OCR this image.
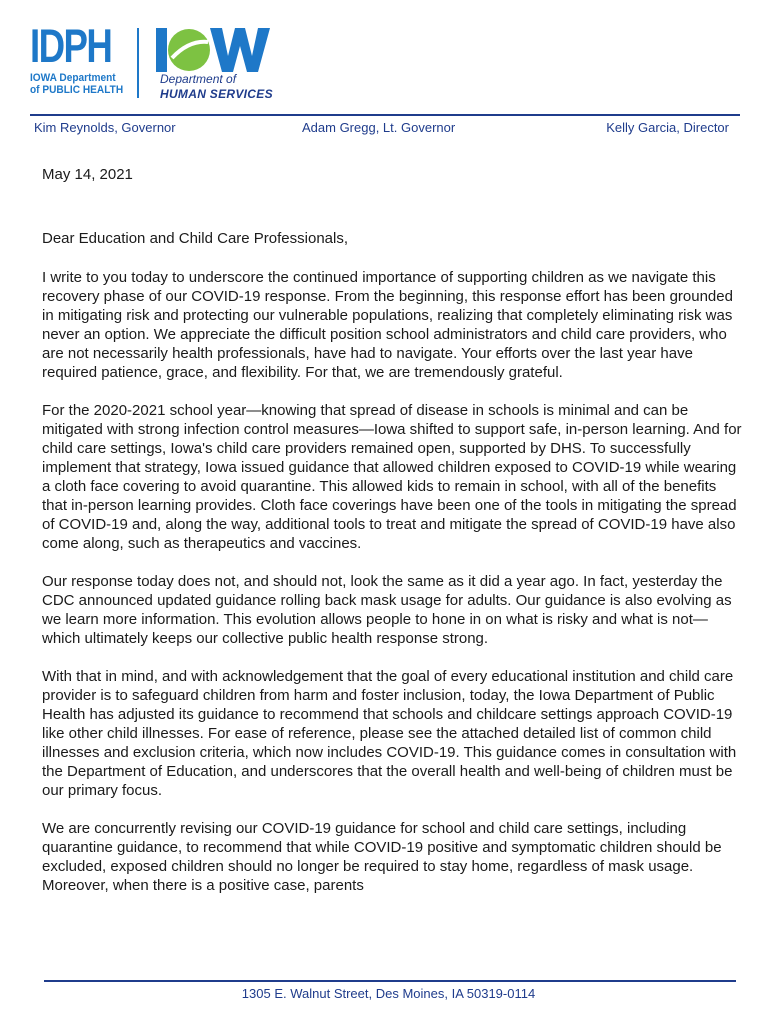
IDPH
IOWA Department
of PUBLIC HEALTH
Department of
HUMAN SERVICES
Kim Reynolds, Governor	Adam Gregg, Lt. Governor	Kelly Garcia, Director

May 14, 2021

Dear Education and Child Care Professionals,

I write to you today to underscore the continued importance of supporting children as we navigate this recovery phase of our COVID-19 response. From the beginning, this response effort has been grounded in mitigating risk and protecting our vulnerable populations, realizing that completely eliminating risk was never an option. We appreciate the difficult position school administrators and child care providers, who are not necessarily health professionals, have had to navigate. Your efforts over the last year have required patience, grace, and flexibility. For that, we are tremendously grateful.

For the 2020-2021 school year—knowing that spread of disease in schools is minimal and can be mitigated with strong infection control measures—Iowa shifted to support safe, in-person learning. And for child care settings, Iowa's child care providers remained open, supported by DHS. To successfully implement that strategy, Iowa issued guidance that allowed children exposed to COVID-19 while wearing a cloth face covering to avoid quarantine. This allowed kids to remain in school, with all of the benefits that in-person learning provides. Cloth face coverings have been one of the tools in mitigating the spread of COVID-19 and, along the way, additional tools to treat and mitigate the spread of COVID-19 have also come along, such as therapeutics and vaccines.

Our response today does not, and should not, look the same as it did a year ago. In fact, yesterday the CDC announced updated guidance rolling back mask usage for adults. Our guidance is also evolving as we learn more information. This evolution allows people to hone in on what is risky and what is not—which ultimately keeps our collective public health response strong.

With that in mind, and with acknowledgement that the goal of every educational institution and child care provider is to safeguard children from harm and foster inclusion, today, the Iowa Department of Public Health has adjusted its guidance to recommend that schools and childcare settings approach COVID-19 like other child illnesses. For ease of reference, please see the attached detailed list of common child illnesses and exclusion criteria, which now includes COVID-19. This guidance comes in consultation with the Department of Education, and underscores that the overall health and well-being of children must be our primary focus.

We are concurrently revising our COVID-19 guidance for school and child care settings, including quarantine guidance, to recommend that while COVID-19 positive and symptomatic children should be excluded, exposed children should no longer be required to stay home, regardless of mask usage. Moreover, when there is a positive case, parents

1305 E. Walnut Street, Des Moines, IA 50319-0114
